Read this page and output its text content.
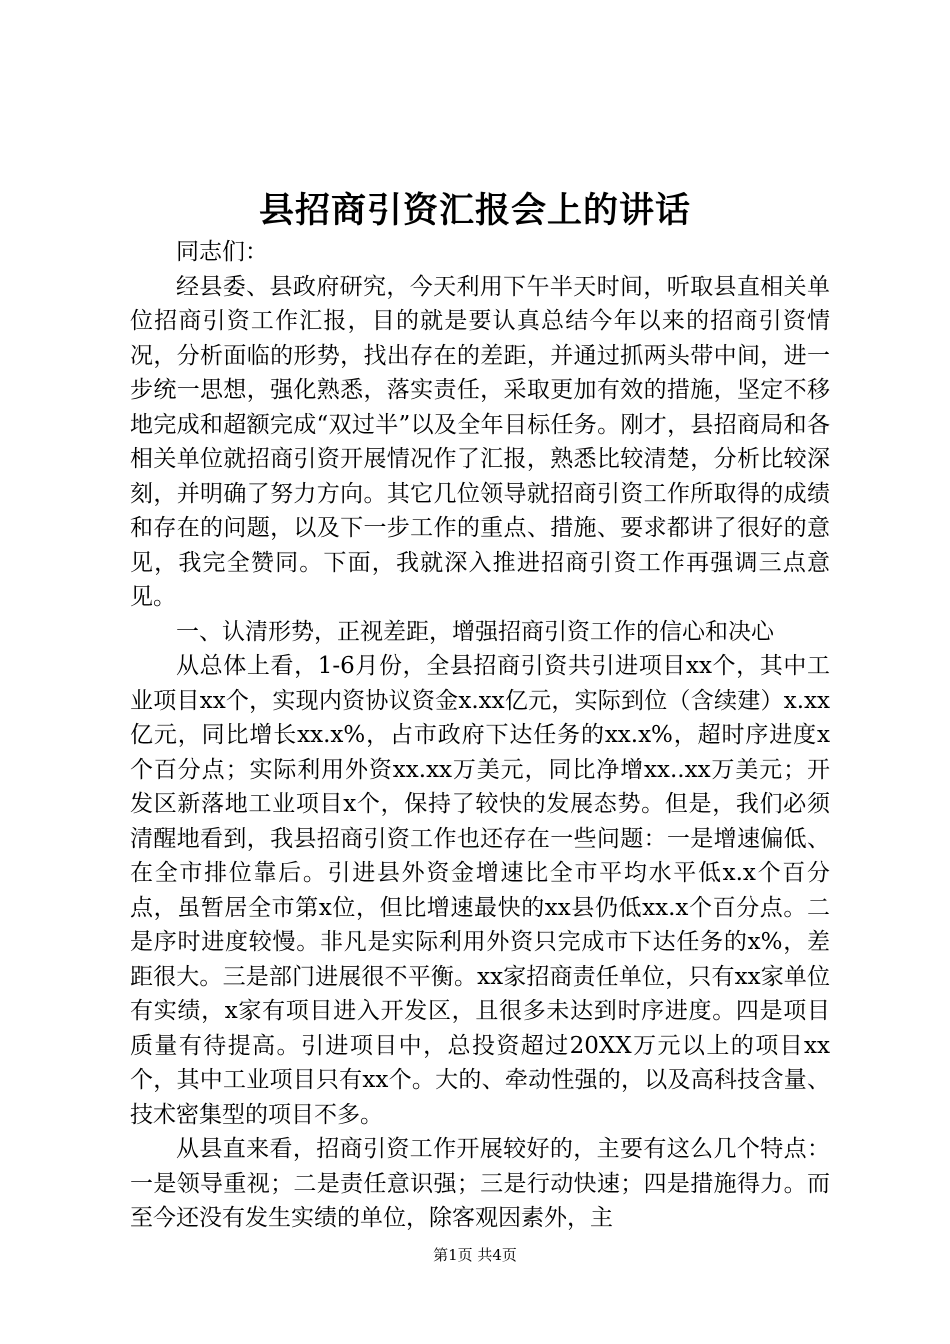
县招商引资汇报会上的讲话

同志们：

经县委、县政府研究，今天利用下午半天时间，听取县直相关单位招商引资工作汇报，目的就是要认真总结今年以来的招商引资情况，分析面临的形势，找出存在的差距，并通过抓两头带中间，进一步统一思想，强化熟悉，落实责任，采取更加有效的措施，坚定不移地完成和超额完成“双过半”以及全年目标任务。刚才，县招商局和各相关单位就招商引资开展情况作了汇报，熟悉比较清楚，分析比较深刻，并明确了努力方向。其它几位领导就招商引资工作所取得的成绩和存在的问题，以及下一步工作的重点、措施、要求都讲了很好的意见，我完全赞同。下面，我就深入推进招商引资工作再强调三点意见。

一、认清形势，正视差距，增强招商引资工作的信心和决心

从总体上看，1-6月份，全县招商引资共引进项目xx个，其中工业项目xx个，实现内资协议资金x.xx亿元，实际到位（含续建）x.xx亿元，同比增长xx.x%，占市政府下达任务的xx.x%，超时序进度x个百分点；实际利用外资xx.xx万美元，同比净增xx..xx万美元；开发区新落地工业项目x个，保持了较快的发展态势。但是，我们必须清醒地看到，我县招商引资工作也还存在一些问题：一是增速偏低、在全市排位靠后。引进县外资金增速比全市平均水平低x.x个百分点，虽暂居全市第x位，但比增速最快的xx县仍低xx.x个百分点。二是序时进度较慢。非凡是实际利用外资只完成市下达任务的x%，差距很大。三是部门进展很不平衡。xx家招商责任单位，只有xx家单位有实绩，x家有项目进入开发区，且很多未达到时序进度。四是项目质量有待提高。引进项目中，总投资超过20XX万元以上的项目xx个，其中工业项目只有xx个。大的、牵动性强的，以及高科技含量、技术密集型的项目不多。

从县直来看，招商引资工作开展较好的，主要有这么几个特点：一是领导重视；二是责任意识强；三是行动快速；四是措施得力。而至今还没有发生实绩的单位，除客观因素外，主

第1页 共4页
